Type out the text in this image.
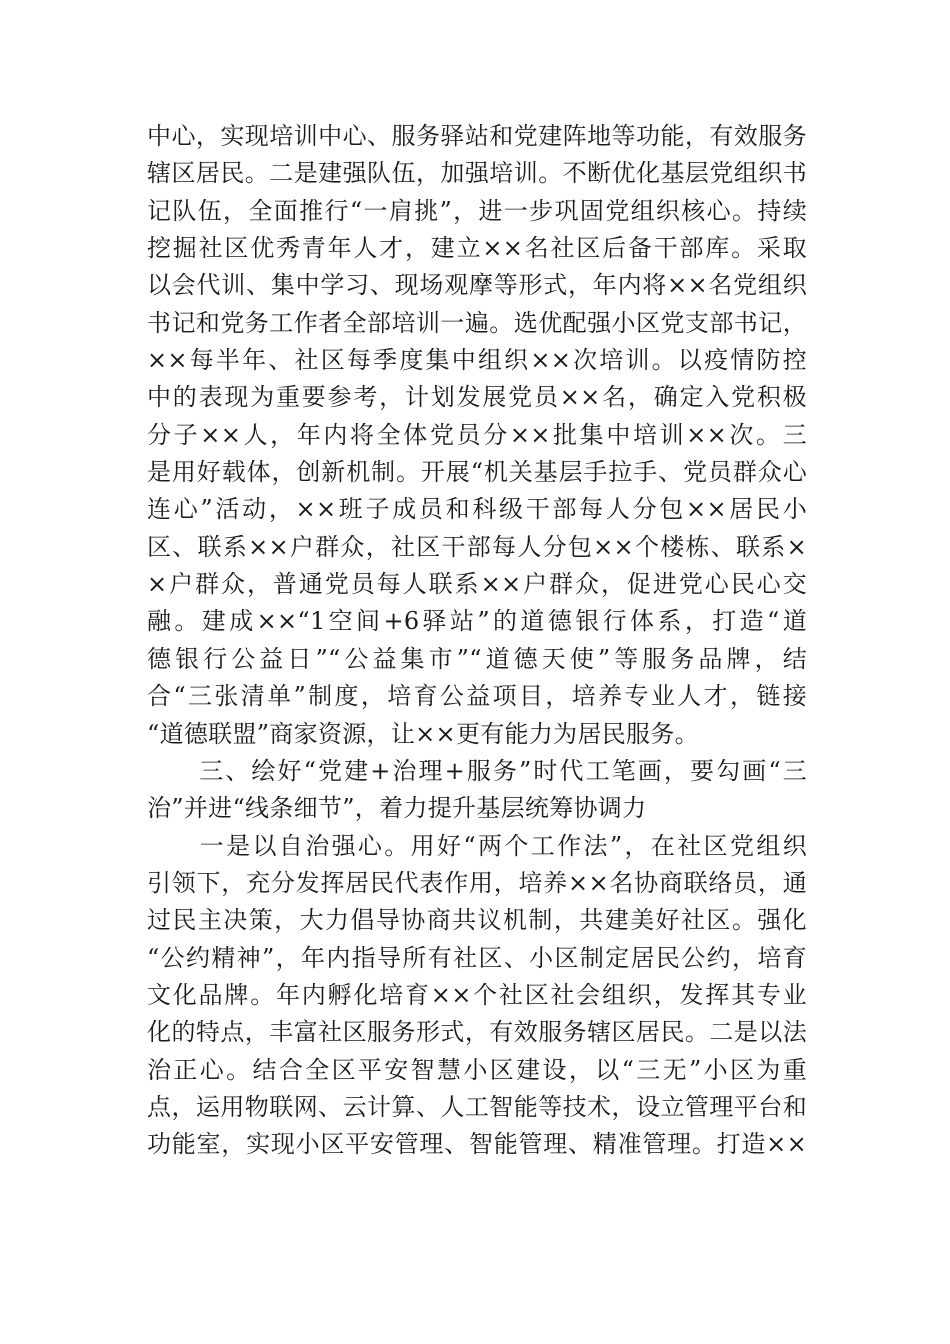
中心，实现培训中心、服务驿站和党建阵地等功能，有效服务
辖区居民。二是建强队伍，加强培训。不断优化基层党组织书
记队伍，全面推行“一肩挑”，进一步巩固党组织核心。持续
挖掘社区优秀青年人才，建立××名社区后备干部库。采取
以会代训、集中学习、现场观摩等形式，年内将××名党组织
书记和党务工作者全部培训一遍。选优配强小区党支部书记，
××每半年、社区每季度集中组织××次培训。以疫情防控
中的表现为重要参考，计划发展党员××名，确定入党积极
分子××人，年内将全体党员分××批集中培训××次。三
是用好载体，创新机制。开展“机关基层手拉手、党员群众心
连心”活动，××班子成员和科级干部每人分包××居民小
区、联系××户群众，社区干部每人分包××个楼栋、联系×
×户群众，普通党员每人联系××户群众，促进党心民心交
融。建成××“1空间+6驿站”的道德银行体系，打造“道
德银行公益日”“公益集市”“道德天使”等服务品牌，结
合“三张清单”制度，培育公益项目，培养专业人才，链接
“道德联盟”商家资源，让××更有能力为居民服务。
　　三、绘好“党建+治理+服务”时代工笔画，要勾画“三
治”并进“线条细节”，着力提升基层统筹协调力
　　一是以自治强心。用好“两个工作法”，在社区党组织
引领下，充分发挥居民代表作用，培养××名协商联络员，通
过民主决策，大力倡导协商共议机制，共建美好社区。强化
“公约精神”，年内指导所有社区、小区制定居民公约，培育
文化品牌。年内孵化培育××个社区社会组织，发挥其专业
化的特点，丰富社区服务形式，有效服务辖区居民。二是以法
治正心。结合全区平安智慧小区建设，以“三无”小区为重
点，运用物联网、云计算、人工智能等技术，设立管理平台和
功能室，实现小区平安管理、智能管理、精准管理。打造××
